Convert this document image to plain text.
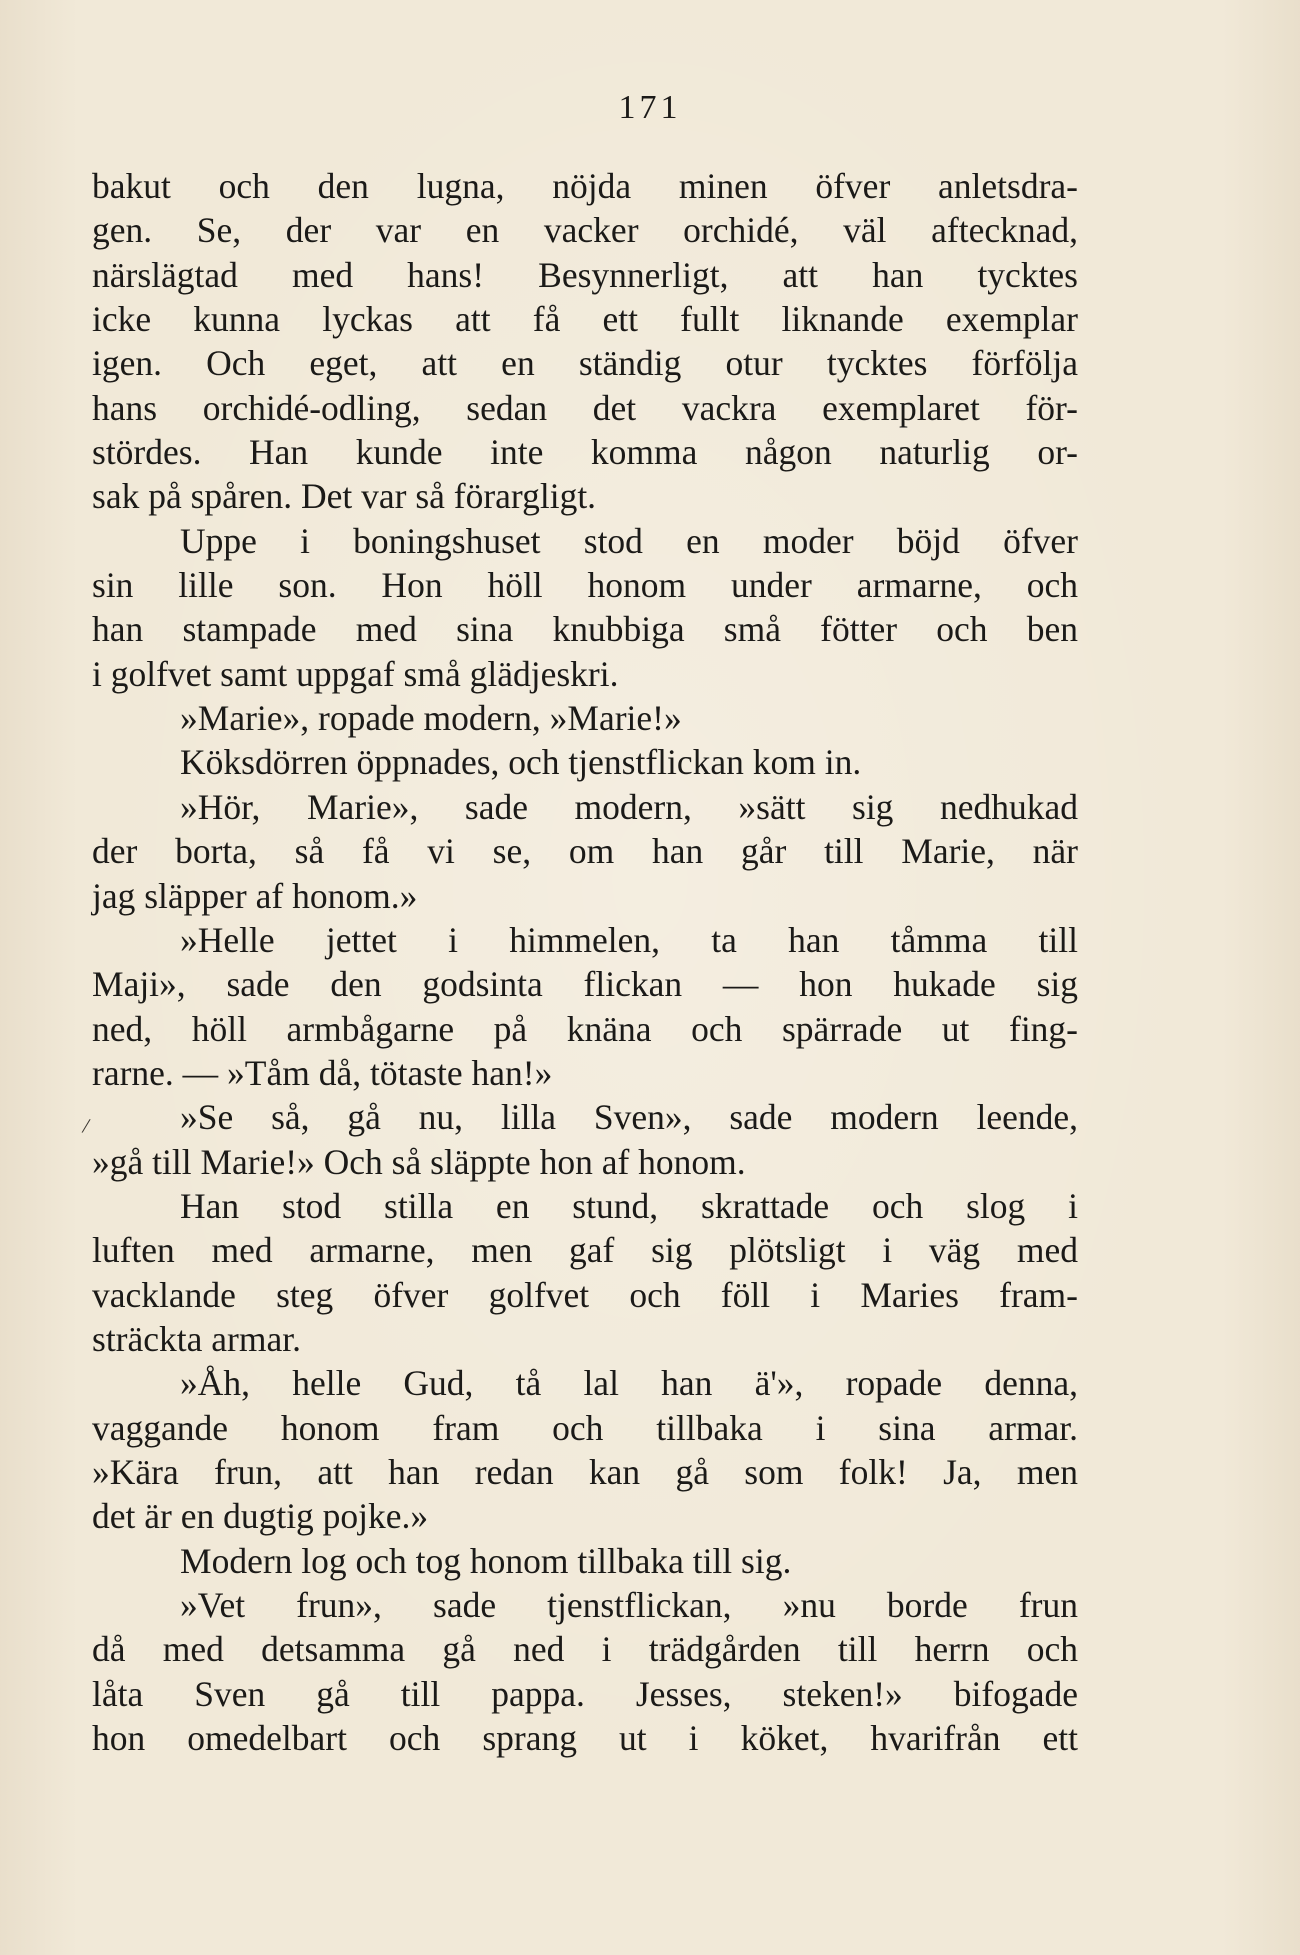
171
/
bakut och den lugna, nöjda minen öfver anletsdra-
gen. Se, der var en vacker orchidé, väl aftecknad,
närslägtad med hans! Besynnerligt, att han tycktes
icke kunna lyckas att få ett fullt liknande exemplar
igen. Och eget, att en ständig otur tycktes förfölja
hans orchidé-odling, sedan det vackra exemplaret för-
stördes. Han kunde inte komma någon naturlig or-
sak på spåren. Det var så förargligt.
Uppe i boningshuset stod en moder böjd öfver
sin lille son. Hon höll honom under armarne, och
han stampade med sina knubbiga små fötter och ben
i golfvet samt uppgaf små glädjeskri.
»Marie», ropade modern, »Marie!»
Köksdörren öppnades, och tjenstflickan kom in.
»Hör, Marie», sade modern, »sätt sig nedhukad
der borta, så få vi se, om han går till Marie, när
jag släpper af honom.»
»Helle jettet i himmelen, ta han tåmma till
Maji», sade den godsinta flickan — hon hukade sig
ned, höll armbågarne på knäna och spärrade ut fing-
rarne. — »Tåm då, tötaste han!»
»Se så, gå nu, lilla Sven», sade modern leende,
»gå till Marie!» Och så släppte hon af honom.
Han stod stilla en stund, skrattade och slog i
luften med armarne, men gaf sig plötsligt i väg med
vacklande steg öfver golfvet och föll i Maries fram-
sträckta armar.
»Åh, helle Gud, tå lal han ä'», ropade denna,
vaggande honom fram och tillbaka i sina armar.
»Kära frun, att han redan kan gå som folk! Ja, men
det är en dugtig pojke.»
Modern log och tog honom tillbaka till sig.
»Vet frun», sade tjenstflickan, »nu borde frun
då med detsamma gå ned i trädgården till herrn och
låta Sven gå till pappa. Jesses, steken!» bifogade
hon omedelbart och sprang ut i köket, hvarifrån ett
